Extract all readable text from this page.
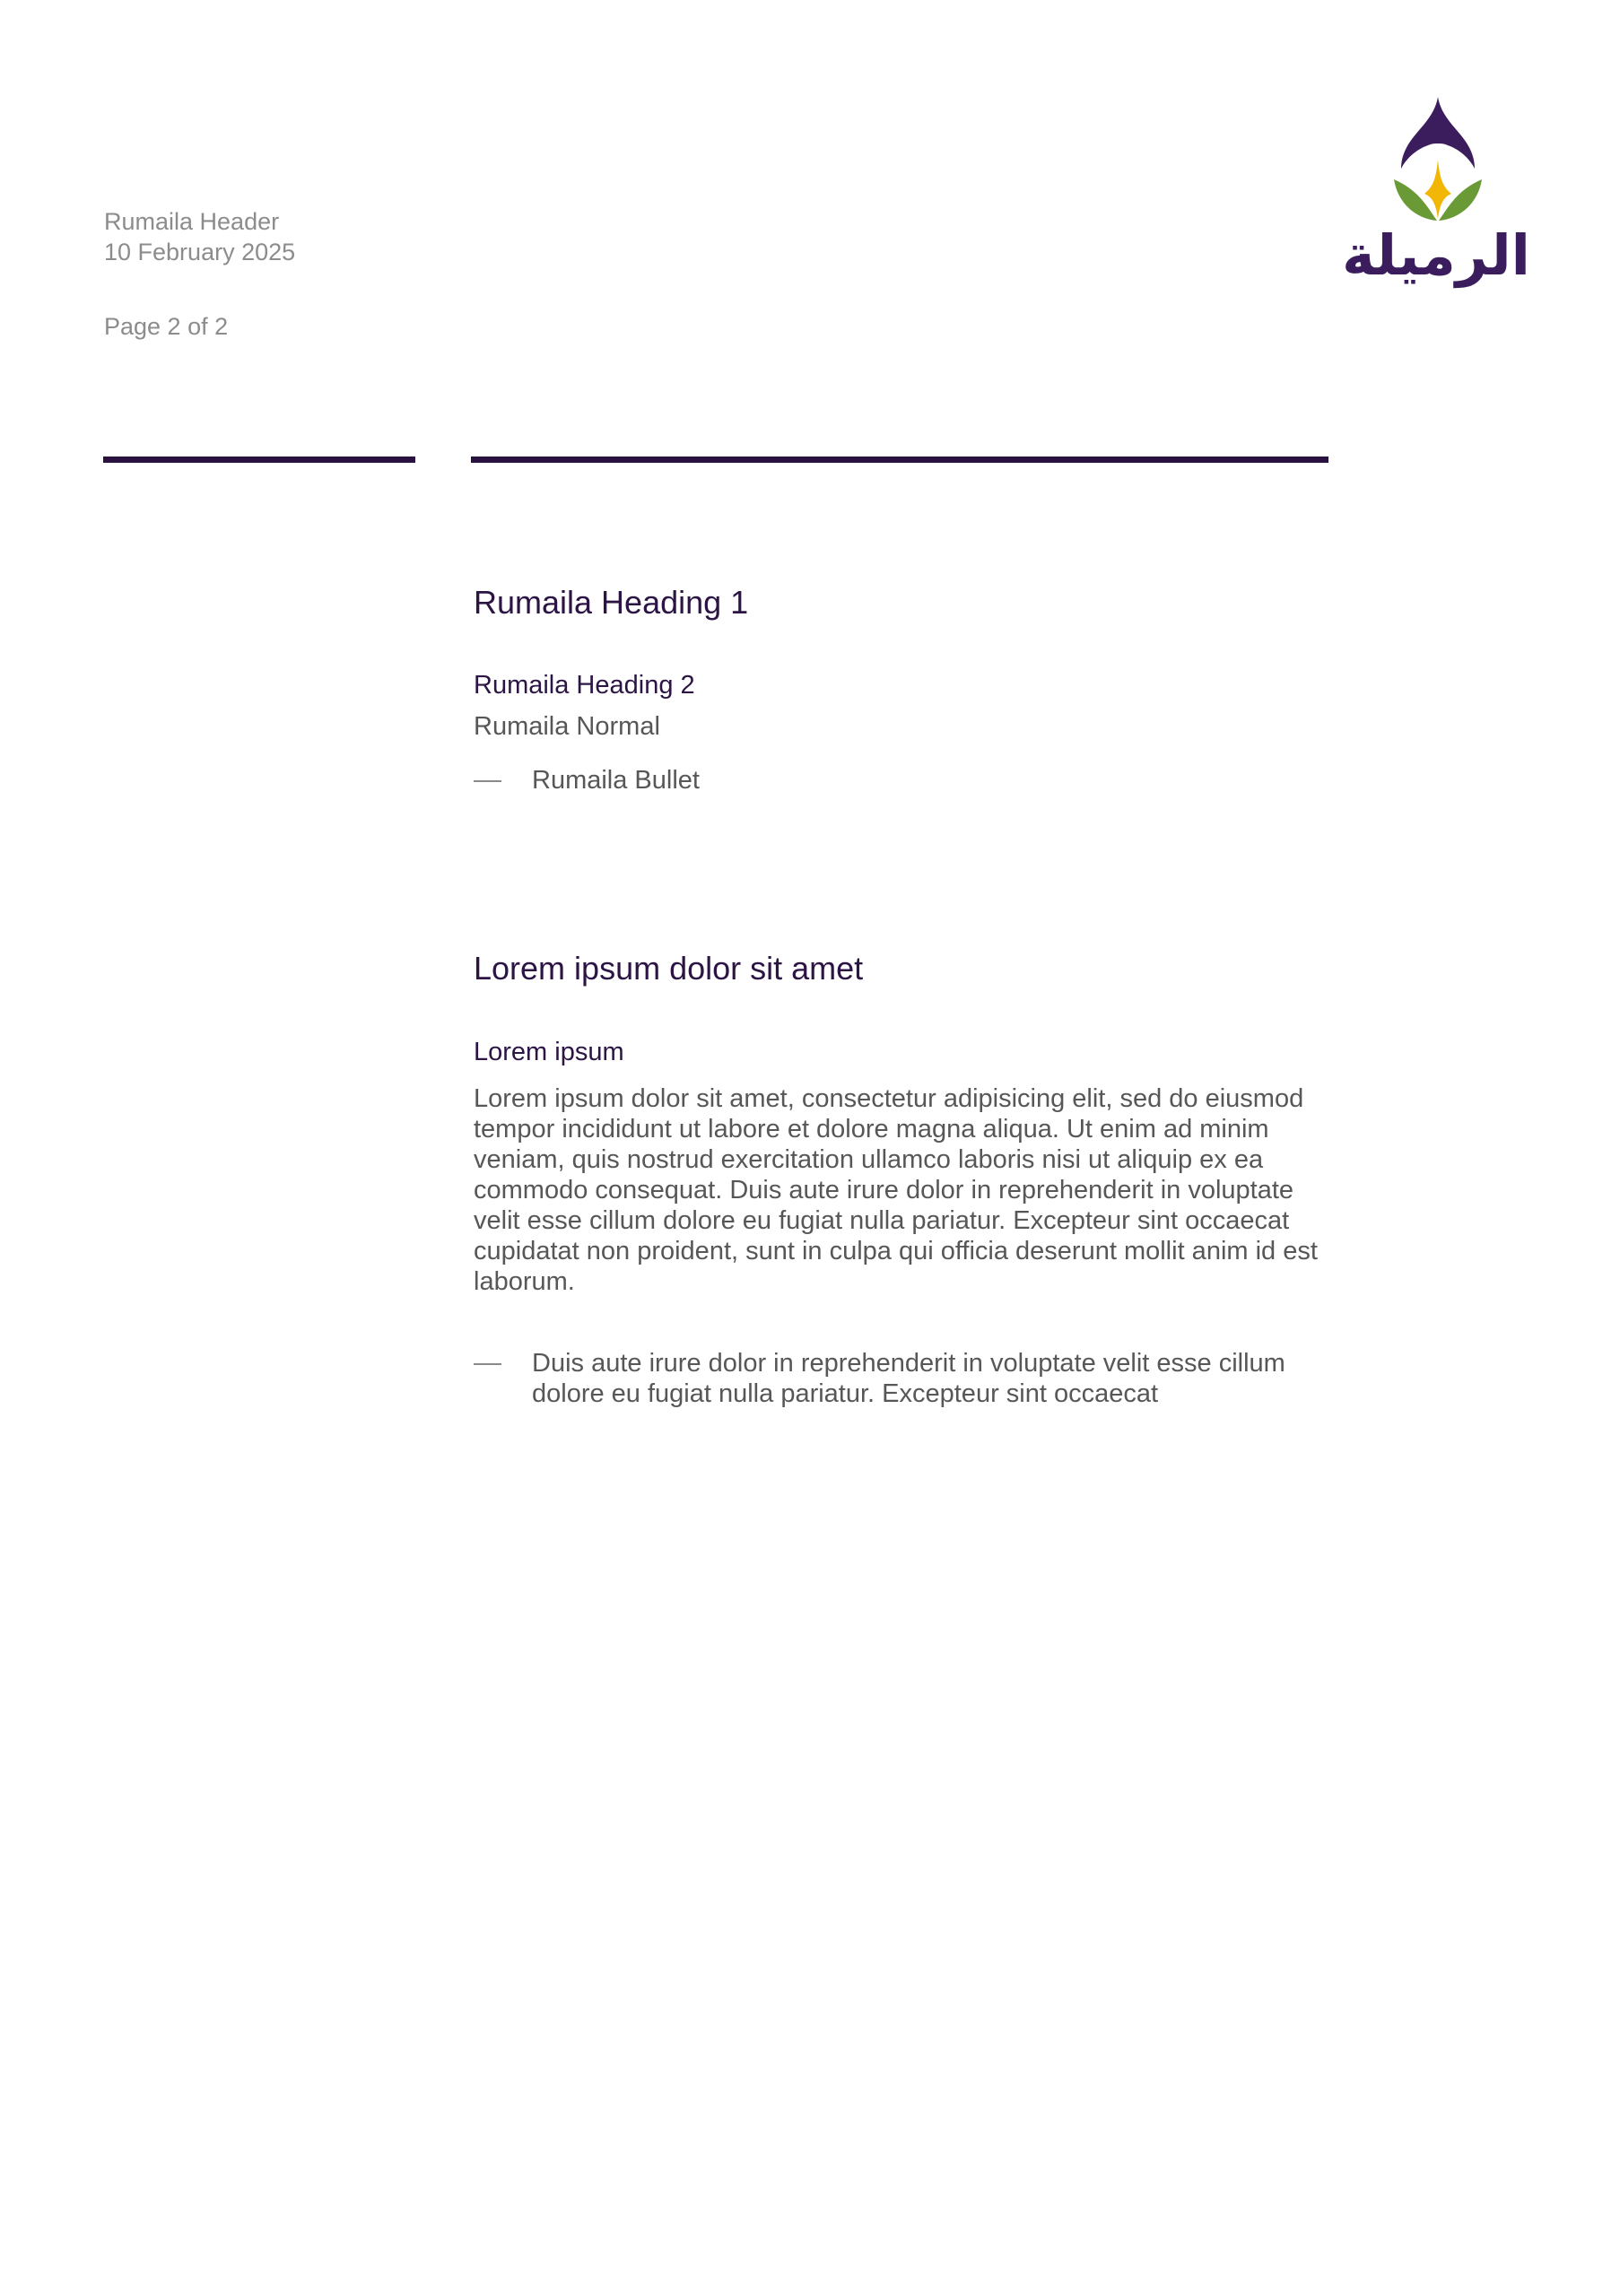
Rumaila Header
10 February 2025
Page 2 of 2
الرميلة
Rumaila Heading 1
Rumaila Heading 2
Rumaila Normal
Rumaila Bullet
Lorem ipsum dolor sit amet
Lorem ipsum
Lorem ipsum dolor sit amet, consectetur adipisicing elit, sed do eiusmod tempor incididunt ut labore et dolore magna aliqua. Ut enim ad minim veniam, quis nostrud exercitation ullamco laboris nisi ut aliquip ex ea commodo consequat. Duis aute irure dolor in reprehenderit in voluptate velit esse cillum dolore eu fugiat nulla pariatur. Excepteur sint occaecat cupidatat non proident, sunt in culpa qui officia deserunt mollit anim id est laborum.
Duis aute irure dolor in reprehenderit in voluptate velit esse cillum dolore eu fugiat nulla pariatur. Excepteur sint occaecat
